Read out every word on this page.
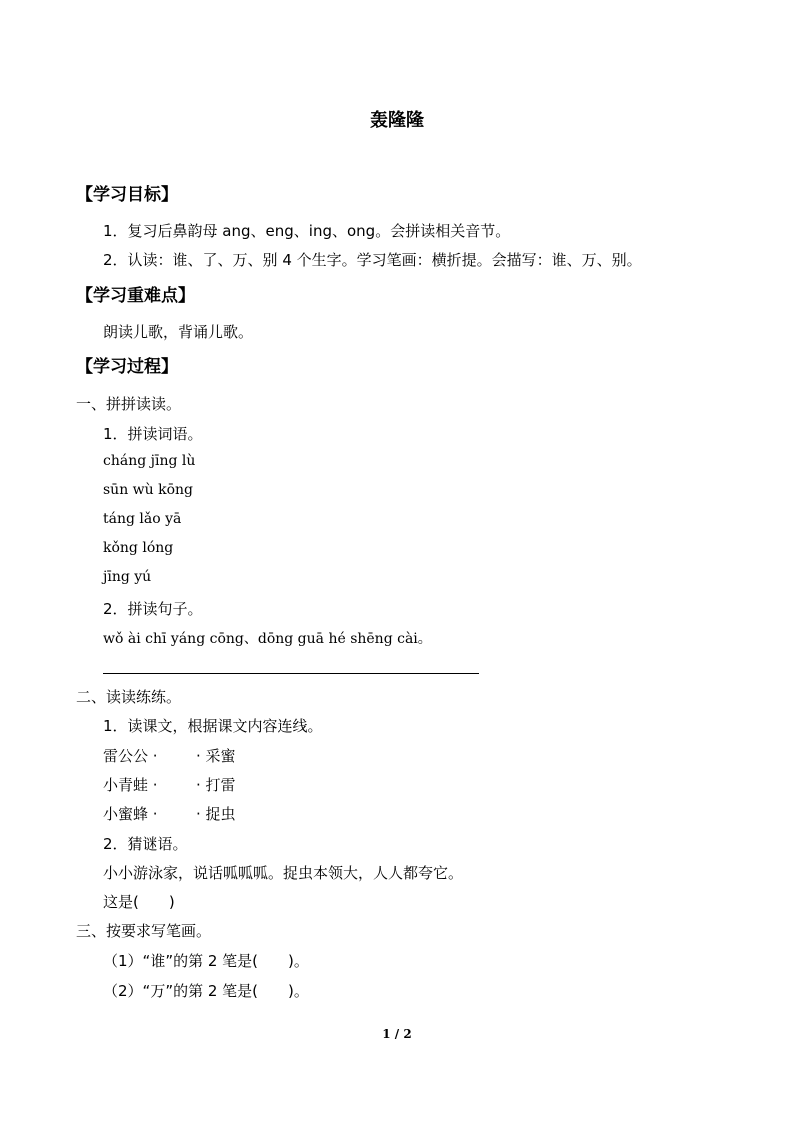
轰隆隆
【学习目标】
1．复习后鼻韵母 ang、eng、ing、ong。会拼读相关音节。
2．认读：谁、了、万、别 4 个生字。学习笔画：横折提。会描写：谁、万、别。
【学习重难点】
朗读儿歌，背诵儿歌。
【学习过程】
一、拼拼读读。
1．拼读词语。
cháng jīng lù
sūn wù kōng
táng lǎo yā
kǒng lóng
jīng yú
2．拼读句子。
wǒ ài chī yáng cōng、dōng guā hé shēng cài。
二、读读练练。
1．读课文，根据课文内容连线。
雷公公 ·	· 采蜜
小青蛙 ·	· 打雷
小蜜蜂 ·	· 捉虫
2．猜谜语。
小小游泳家，说话呱呱呱。捉虫本领大，人人都夸它。
这是(　　)
三、按要求写笔画。
（1）“谁”的第 2 笔是(　　)。
（2）“万”的第 2 笔是(　　)。
1 / 2
